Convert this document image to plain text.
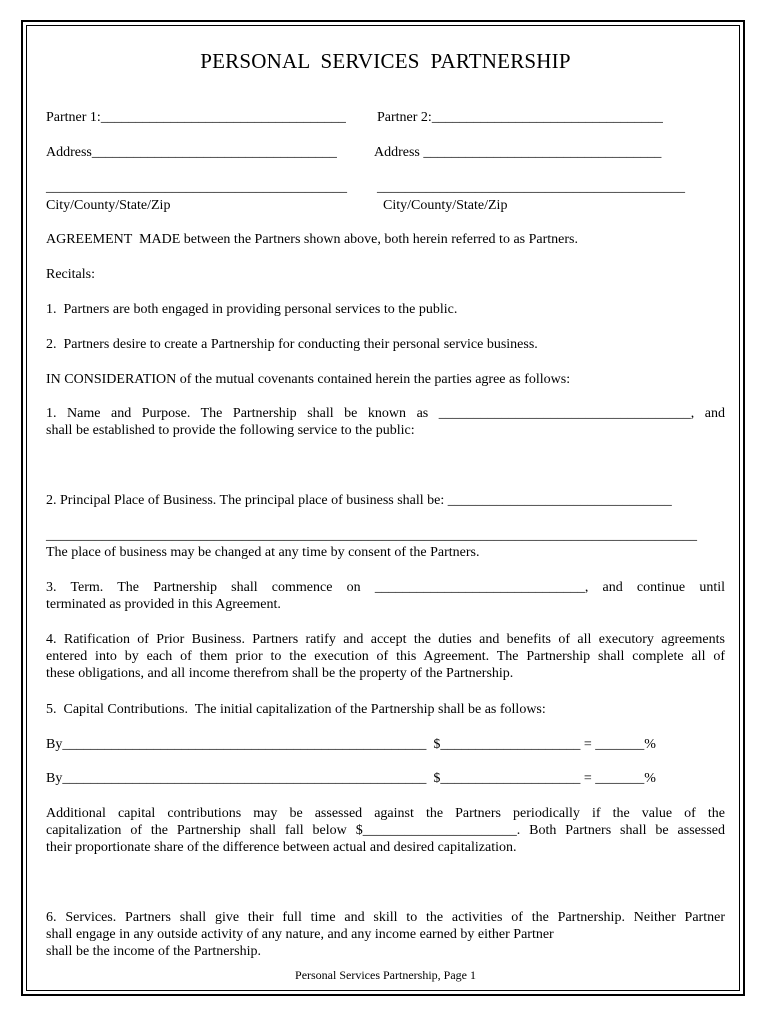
PERSONAL  SERVICES  PARTNERSHIP
Partner 1:___________________________________ Partner 2:_________________________________
Address___________________________________	Address __________________________________
___________________________________________ ____________________________________________
City/County/State/Zip	City/County/State/Zip
AGREEMENT  MADE between the Partners shown above, both herein referred to as Partners.
Recitals:
1.  Partners are both engaged in providing personal services to the public.
2.  Partners desire to create a Partnership for conducting their personal service business.
IN CONSIDERATION of the mutual covenants contained herein the parties agree as follows:
1. Name and Purpose. The Partnership shall be known as ____________________________________, and
shall be established to provide the following service to the public:
2. Principal Place of Business. The principal place of business shall be: ________________________________
_____________________________________________________________________________________________
The place of business may be changed at any time by consent of the Partners.
3. Term. The Partnership shall commence on ______________________________, and continue until
terminated as provided in this Agreement.
4. Ratification of Prior Business. Partners ratify and accept the duties and benefits of all executory agreements
entered into by each of them prior to the execution of this Agreement. The Partnership shall complete all of
these obligations, and all income therefrom shall be the property of the Partnership.
5.  Capital Contributions.  The initial capitalization of the Partnership shall be as follows:
By____________________________________________________  $____________________ = _______%
By____________________________________________________  $____________________ = _______%
Additional capital contributions may be assessed against the Partners periodically if the value of the
capitalization of the Partnership shall fall below $______________________. Both Partners shall be assessed
their proportionate share of the difference between actual and desired capitalization.
6. Services. Partners shall give their full time and skill to the activities of the Partnership. Neither Partner
shall engage in any outside activity of any nature, and any income earned by either Partner
shall be the income of the Partnership.
Personal Services Partnership, Page 1
